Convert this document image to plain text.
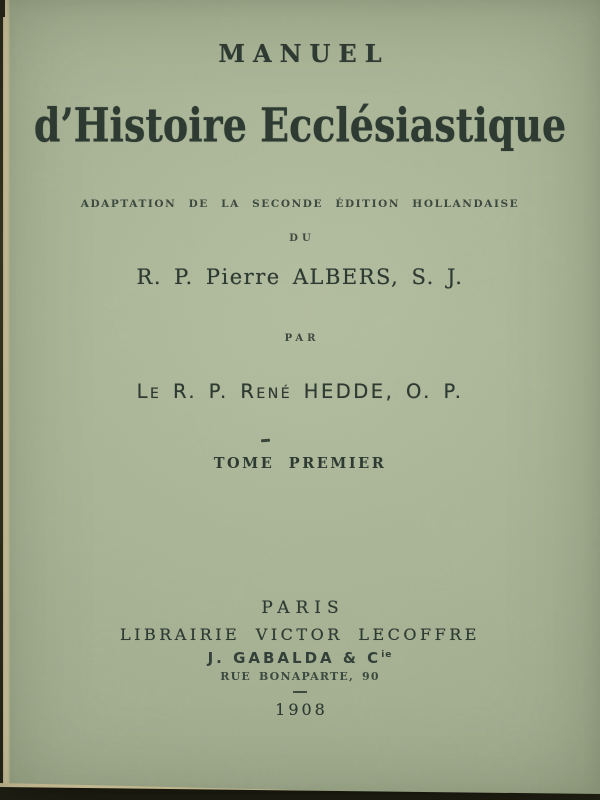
MANUEL
d’Histoire Ecclésiastique
ADAPTATION DE LA SECONDE ÉDITION HOLLANDAISE
DU
R. P. Pierre ALBERS, S. J.
PAR
Le R. P. René HEDDE, O. P.
TOME PREMIER
PARIS
LIBRAIRIE VICTOR LECOFFRE
J. GABALDA & $C^{ie}$
RUE BONAPARTE, 90
1908
